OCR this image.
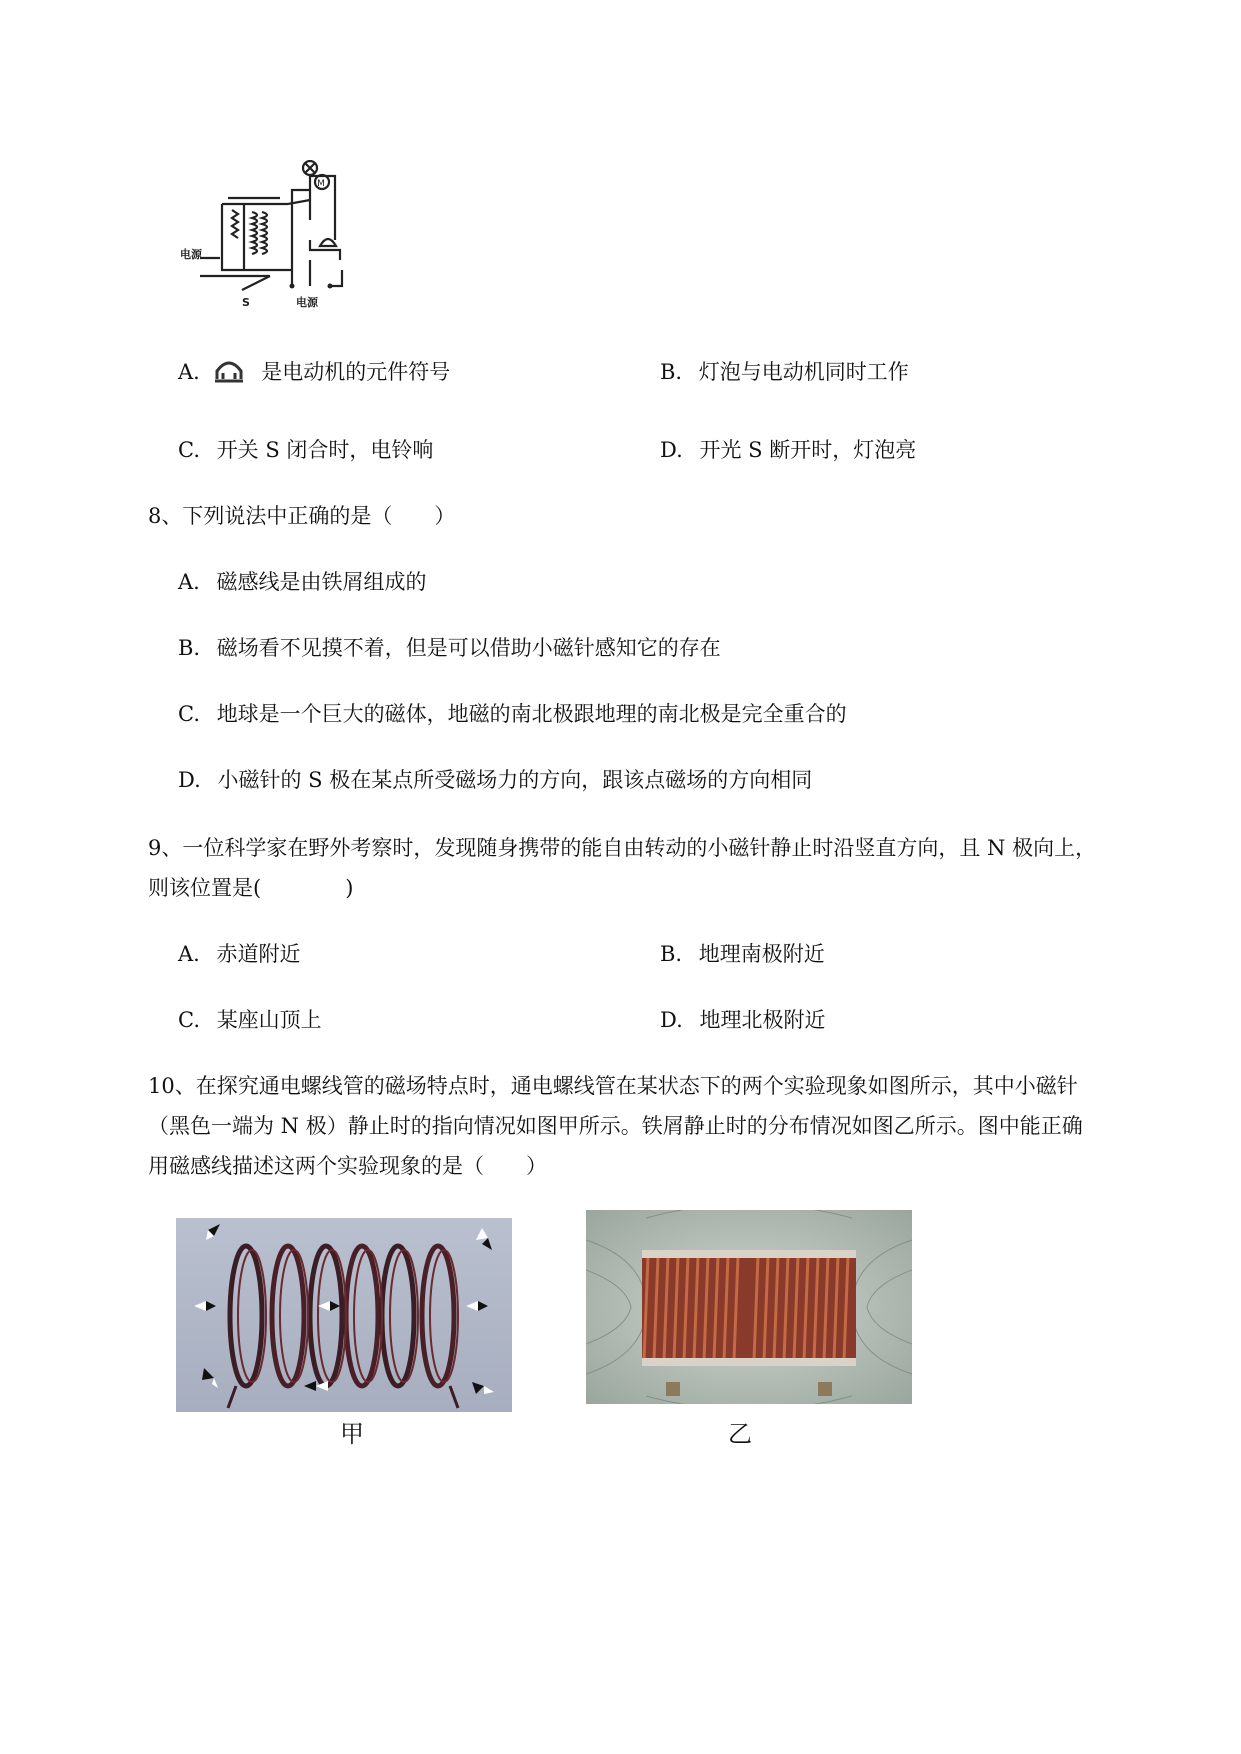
M
电源
电源
S
A.	是电动机的元件符号	B. 灯泡与电动机同时工作
C. 开关 S 闭合时，电铃响	D. 开光 S 断开时，灯泡亮
8、下列说法中正确的是（　　）
A. 磁感线是由铁屑组成的
B. 磁场看不见摸不着，但是可以借助小磁针感知它的存在
C. 地球是一个巨大的磁体，地磁的南北极跟地理的南北极是完全重合的
D. 小磁针的 S 极在某点所受磁场力的方向，跟该点磁场的方向相同
9、一位科学家在野外考察时，发现随身携带的能自由转动的小磁针静止时沿竖直方向，且 N 极向上，
则该位置是(　　　　)
A. 赤道附近	B. 地理南极附近
C. 某座山顶上	D. 地理北极附近
10、在探究通电螺线管的磁场特点时，通电螺线管在某状态下的两个实验现象如图所示，其中小磁针
（黑色一端为 N 极）静止时的指向情况如图甲所示。铁屑静止时的分布情况如图乙所示。图中能正确
用磁感线描述这两个实验现象的是（　　）
甲	乙
